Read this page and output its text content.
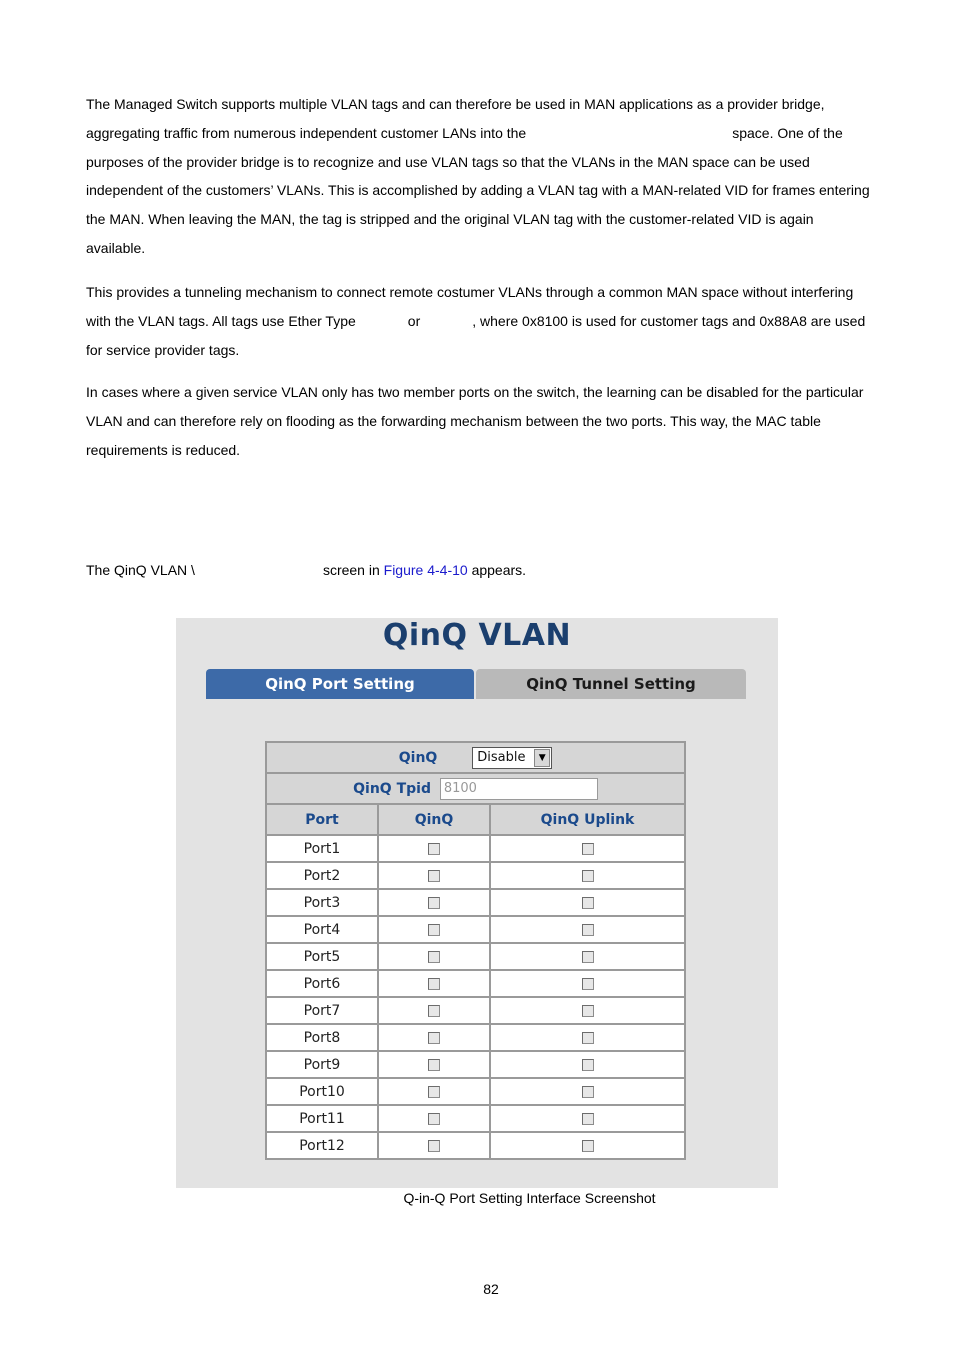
The Managed Switch supports multiple VLAN tags and can therefore be used in MAN applications as a provider bridge, aggregating traffic from numerous independent customer LANs into the	space. One of the purposes of the provider bridge is to recognize and use VLAN tags so that the VLANs in the MAN space can be used independent of the customers’ VLANs. This is accomplished by adding a VLAN tag with a MAN-related VID for frames entering the MAN. When leaving the MAN, the tag is stripped and the original VLAN tag with the customer-related VID is again available.

This provides a tunneling mechanism to connect remote costumer VLANs through a common MAN space without interfering with the VLAN tags. All tags use Ether Type	or	, where 0x8100 is used for customer tags and 0x88A8 are used for service provider tags.

In cases where a given service VLAN only has two member ports on the switch, the learning can be disabled for the particular VLAN and can therefore rely on flooding as the forwarding mechanism between the two ports. This way, the MAC table requirements is reduced.

The QinQ VLAN \	screen in Figure 4-4-10 appears.

QinQ VLAN
QinQ Port Setting	QinQ Tunnel Setting
QinQ Disable ▼		

QinQ Tpid 8100		
Port	QinQ	QinQ Uplink
Port1		
Port2		
Port3		
Port4		
Port5		
Port6		
Port7		
Port8		
Port9		
Port10		
Port11		
Port12		
Q-in-Q Port Setting Interface Screenshot
82
